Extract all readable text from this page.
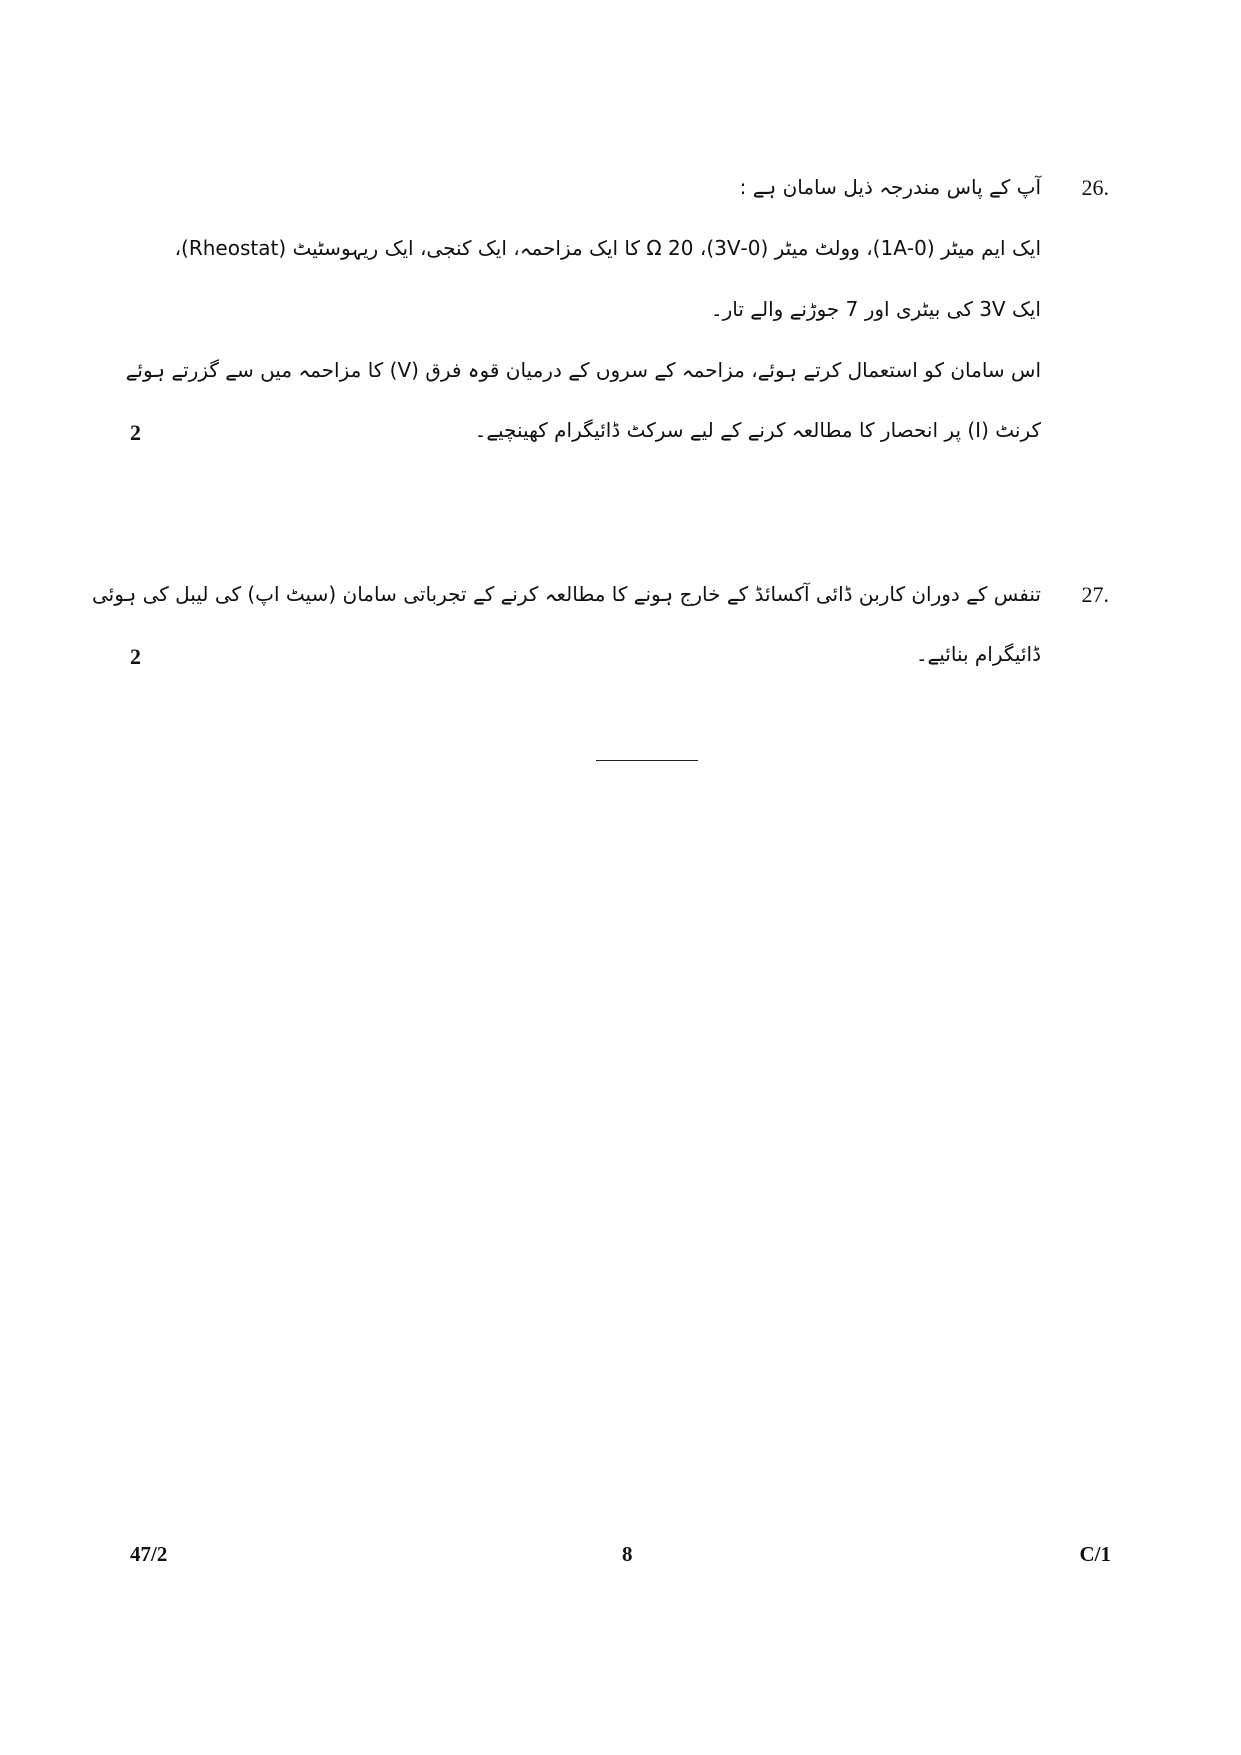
26.
آپ کے پاس مندرجہ ذیل سامان ہے :
ایک ایم میٹر (0-1A)، وولٹ میٹر (0-3V)، Ω 20 کا ایک مزاحمہ، ایک کنجی، ایک ریہوسٹیٹ (Rheostat)،
ایک 3V کی بیٹری اور 7 جوڑنے والے تار۔
اس سامان کو استعمال کرتے ہوئے، مزاحمہ کے سروں کے درمیان قوہ فرق (V) کا مزاحمہ میں سے گزرتے ہوئے
کرنٹ (I) پر انحصار کا مطالعہ کرنے کے لیے سرکٹ ڈائیگرام کھینچیے۔
2
27.
تنفس کے دوران کاربن ڈائی آکسائڈ کے خارج ہونے کا مطالعہ کرنے کے تجرباتی سامان (سیٹ اپ) کی لیبل کی ہوئی
ڈائیگرام بنائیے۔
2
47/2	8	C/1
